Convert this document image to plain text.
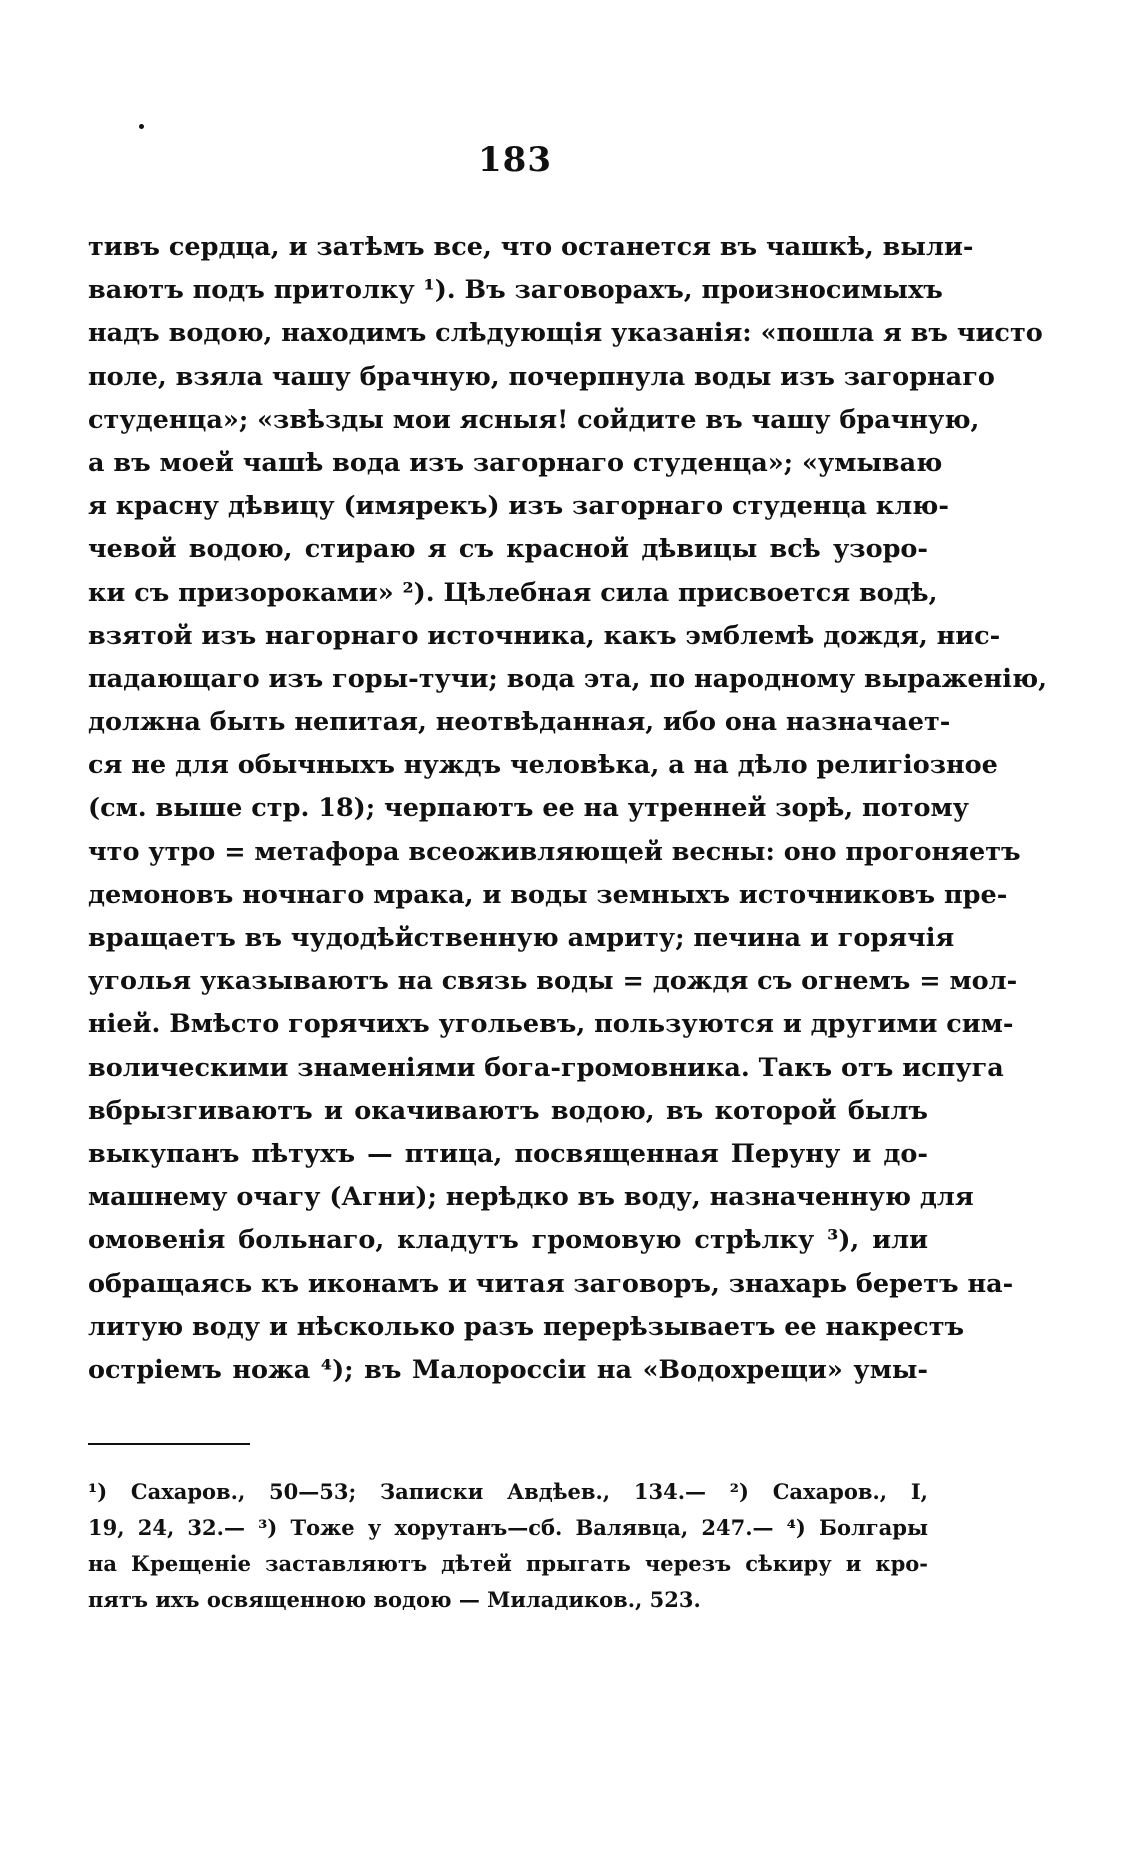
183
тивъ сердца, и затѣмъ все, что останется въ чашкѣ, выли-
ваютъ подъ притолку ¹). Въ заговорахъ, произносимыхъ
надъ водою, находимъ слѣдующія указанія: «пошла я въ чисто
поле, взяла чашу брачную, почерпнула воды изъ загорнаго
студенца»; «звѣзды мои ясныя! сойдите въ чашу брачную,
а въ моей чашѣ вода изъ загорнаго студенца»; «умываю
я красну дѣвицу (имярекъ) изъ загорнаго студенца клю-
чевой водою, стираю я съ красной дѣвицы всѣ узоро-
ки съ призороками» ²). Цѣлебная сила присвоется водѣ,
взятой изъ нагорнаго источника, какъ эмблемѣ дождя, нис-
падающаго изъ горы-тучи; вода эта, по народному выраженію,
должна быть непитая, неотвѣданная, ибо она назначает-
ся не для обычныхъ нуждъ человѣка, а на дѣло религіозное
(см. выше стр. 18); черпаютъ ее на утренней зорѣ, потому
что утро = метафора всеоживляющей весны: оно прогоняетъ
демоновъ ночнаго мрака, и воды земныхъ источниковъ пре-
вращаетъ въ чудодѣйственную амриту; печина и горячія
уголья указываютъ на связь воды = дождя съ огнемъ = мол-
ніей. Вмѣсто горячихъ угольевъ, пользуются и другими сим-
волическими знаменіями бога-громовника. Такъ отъ испуга
вбрызгиваютъ и окачиваютъ водою, въ которой былъ
выкупанъ пѣтухъ — птица, посвященная Перуну и до-
машнему очагу (Агни); нерѣдко въ воду, назначенную для
омовенія больнаго, кладутъ громовую стрѣлку ³), или
обращаясь къ иконамъ и читая заговоръ, знахарь беретъ на-
литую воду и нѣсколько разъ перерѣзываетъ ее накрестъ
остріемъ ножа ⁴); въ Малороссіи на «Водохрещи» умы-
¹) Сахаров., 50—53; Записки Авдѣев., 134.— ²) Сахаров., I,
19, 24, 32.— ³) Тоже у хорутанъ—сб. Валявца, 247.— ⁴) Болгары
на Крещеніе заставляютъ дѣтей прыгать черезъ сѣкиру и кро-
пятъ ихъ освященною водою — Миладиков., 523.
